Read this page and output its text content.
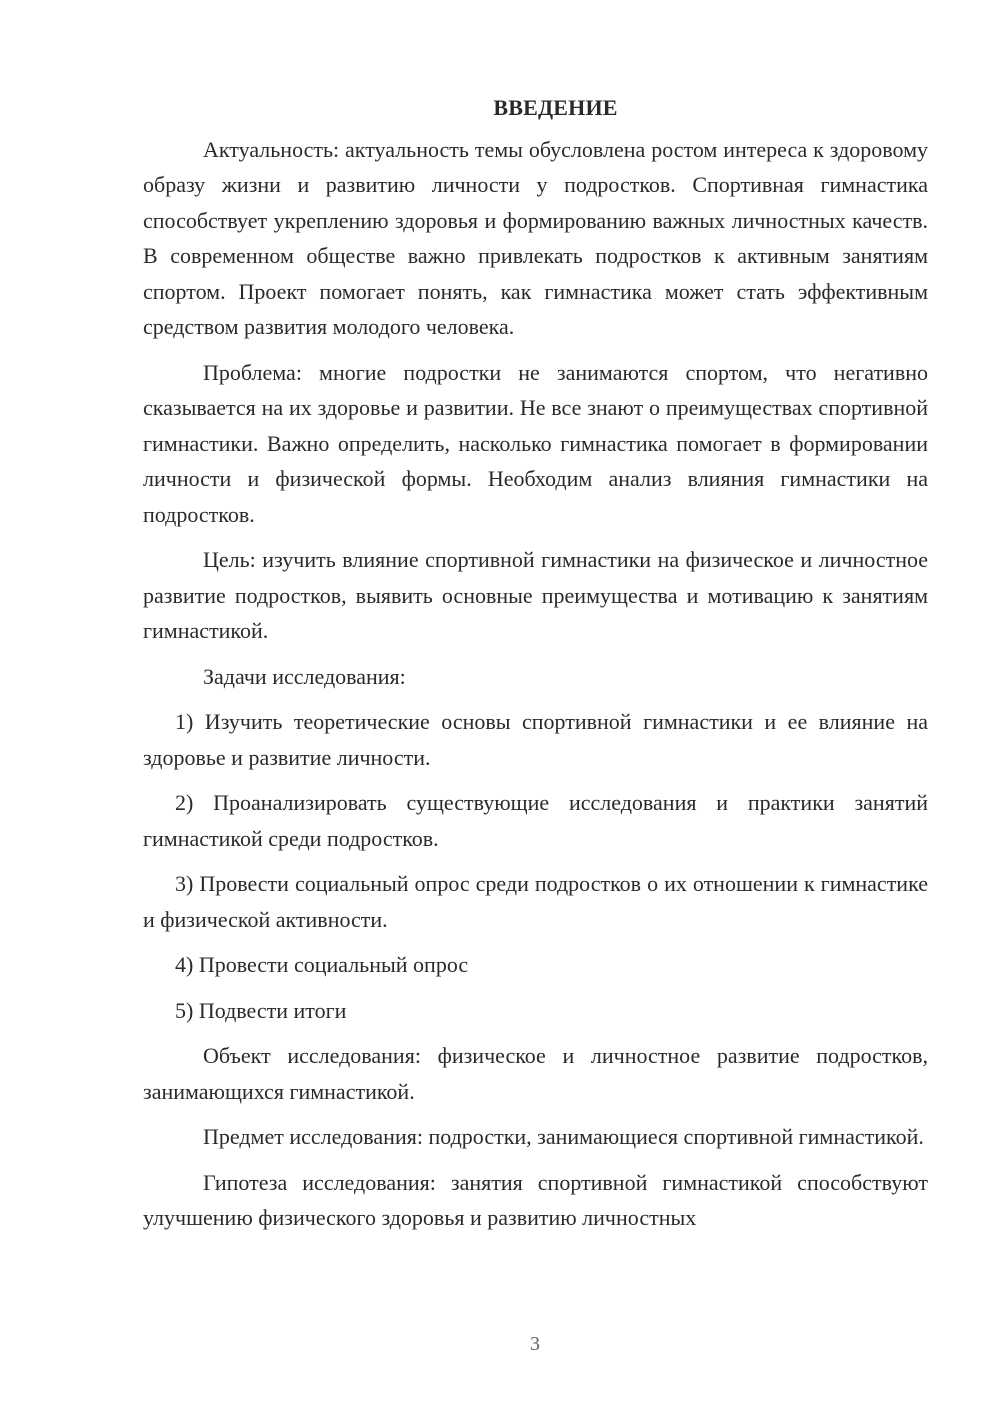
ВВЕДЕНИЕ

Актуальность: актуальность темы обусловлена ростом интереса к здоровому образу жизни и развитию личности у подростков. Спортивная гимнастика способствует укреплению здоровья и формированию важных личностных качеств. В современном обществе важно привлекать подростков к активным занятиям спортом. Проект помогает понять, как гимнастика может стать эффективным средством развития молодого человека.

Проблема: многие подростки не занимаются спортом, что негативно сказывается на их здоровье и развитии. Не все знают о преимуществах спортивной гимнастики. Важно определить, насколько гимнастика помогает в формировании личности и физической формы. Необходим анализ влияния гимнастики на подростков.

Цель: изучить влияние спортивной гимнастики на физическое и личностное развитие подростков, выявить основные преимущества и мотивацию к занятиям гимнастикой.

Задачи исследования:

1) Изучить теоретические основы спортивной гимнастики и ее влияние на здоровье и развитие личности.

2) Проанализировать существующие исследования и практики занятий гимнастикой среди подростков.

3) Провести социальный опрос среди подростков о их отношении к гимнастике и физической активности.

4) Провести социальный опрос

5) Подвести итоги

Объект исследования: физическое и личностное развитие подростков, занимающихся гимнастикой.

Предмет исследования: подростки, занимающиеся спортивной гимнастикой.

Гипотеза исследования: занятия спортивной гимнастикой способствуют улучшению физического здоровья и развитию личностных

3
